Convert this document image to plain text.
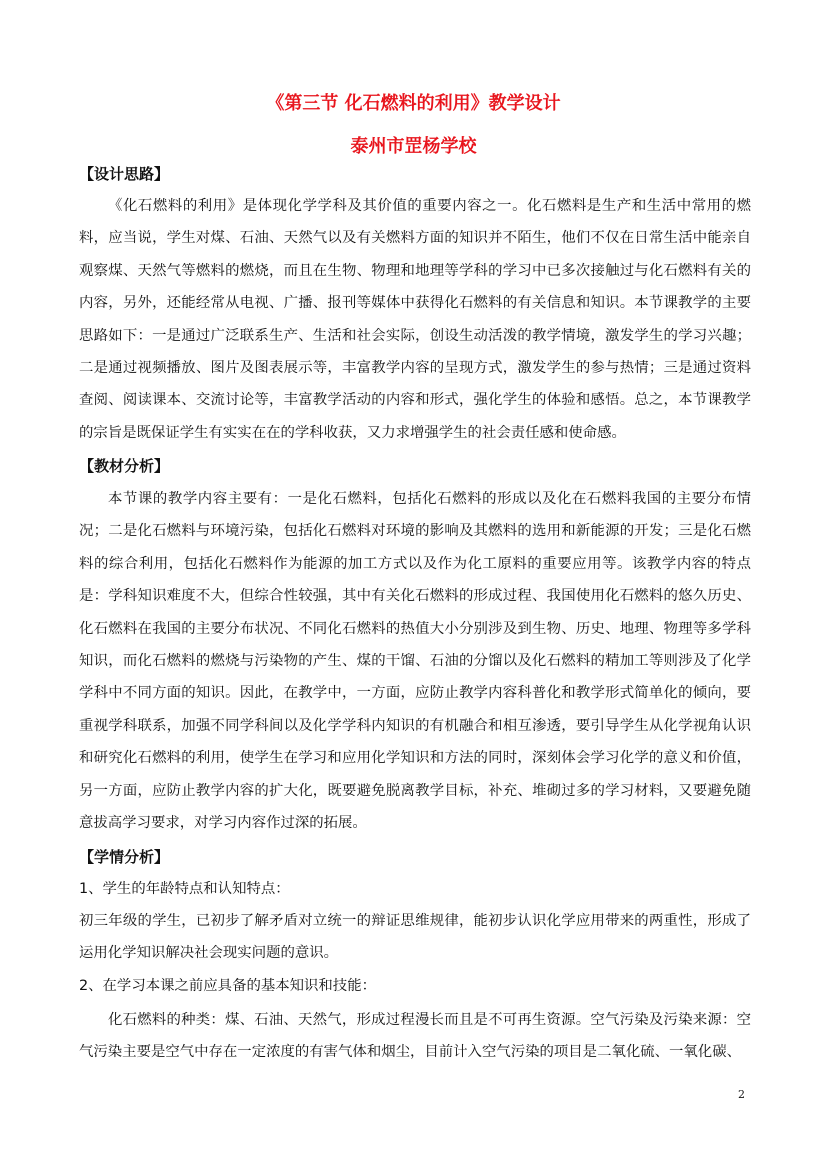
《第三节 化石燃料的利用》教学设计
泰州市罡杨学校
【设计思路】
《化石燃料的利用》是体现化学学科及其价值的重要内容之一。化石燃料是生产和生活中常用的燃料，应当说，学生对煤、石油、天然气以及有关燃料方面的知识并不陌生，他们不仅在日常生活中能亲自观察煤、天然气等燃料的燃烧，而且在生物、物理和地理等学科的学习中已多次接触过与化石燃料有关的内容，另外，还能经常从电视、广播、报刊等媒体中获得化石燃料的有关信息和知识。本节课教学的主要思路如下：一是通过广泛联系生产、生活和社会实际，创设生动活泼的教学情境，激发学生的学习兴趣；二是通过视频播放、图片及图表展示等，丰富教学内容的呈现方式，激发学生的参与热情；三是通过资料查阅、阅读课本、交流讨论等，丰富教学活动的内容和形式，强化学生的体验和感悟。总之，本节课教学的宗旨是既保证学生有实实在在的学科收获，又力求增强学生的社会责任感和使命感。
【教材分析】
本节课的教学内容主要有：一是化石燃料，包括化石燃料的形成以及化在石燃料我国的主要分布情况；二是化石燃料与环境污染，包括化石燃料对环境的影响及其燃料的选用和新能源的开发；三是化石燃料的综合利用，包括化石燃料作为能源的加工方式以及作为化工原料的重要应用等。该教学内容的特点是：学科知识难度不大，但综合性较强，其中有关化石燃料的形成过程、我国使用化石燃料的悠久历史、化石燃料在我国的主要分布状况、不同化石燃料的热值大小分别涉及到生物、历史、地理、物理等多学科知识，而化石燃料的燃烧与污染物的产生、煤的干馏、石油的分馏以及化石燃料的精加工等则涉及了化学学科中不同方面的知识。因此，在教学中，一方面，应防止教学内容科普化和教学形式简单化的倾向，要重视学科联系，加强不同学科间以及化学学科内知识的有机融合和相互渗透，要引导学生从化学视角认识和研究化石燃料的利用，使学生在学习和应用化学知识和方法的同时，深刻体会学习化学的意义和价值，另一方面，应防止教学内容的扩大化，既要避免脱离教学目标，补充、堆砌过多的学习材料，又要避免随意拔高学习要求，对学习内容作过深的拓展。
【学情分析】
1、学生的年龄特点和认知特点：
初三年级的学生，已初步了解矛盾对立统一的辩证思维规律，能初步认识化学应用带来的两重性，形成了运用化学知识解决社会现实问题的意识。
2、在学习本课之前应具备的基本知识和技能：
化石燃料的种类：煤、石油、天然气，形成过程漫长而且是不可再生资源。空气污染及污染来源：空气污染主要是空气中存在一定浓度的有害气体和烟尘，目前计入空气污染的项目是二氧化硫、一氧化碳、
2
